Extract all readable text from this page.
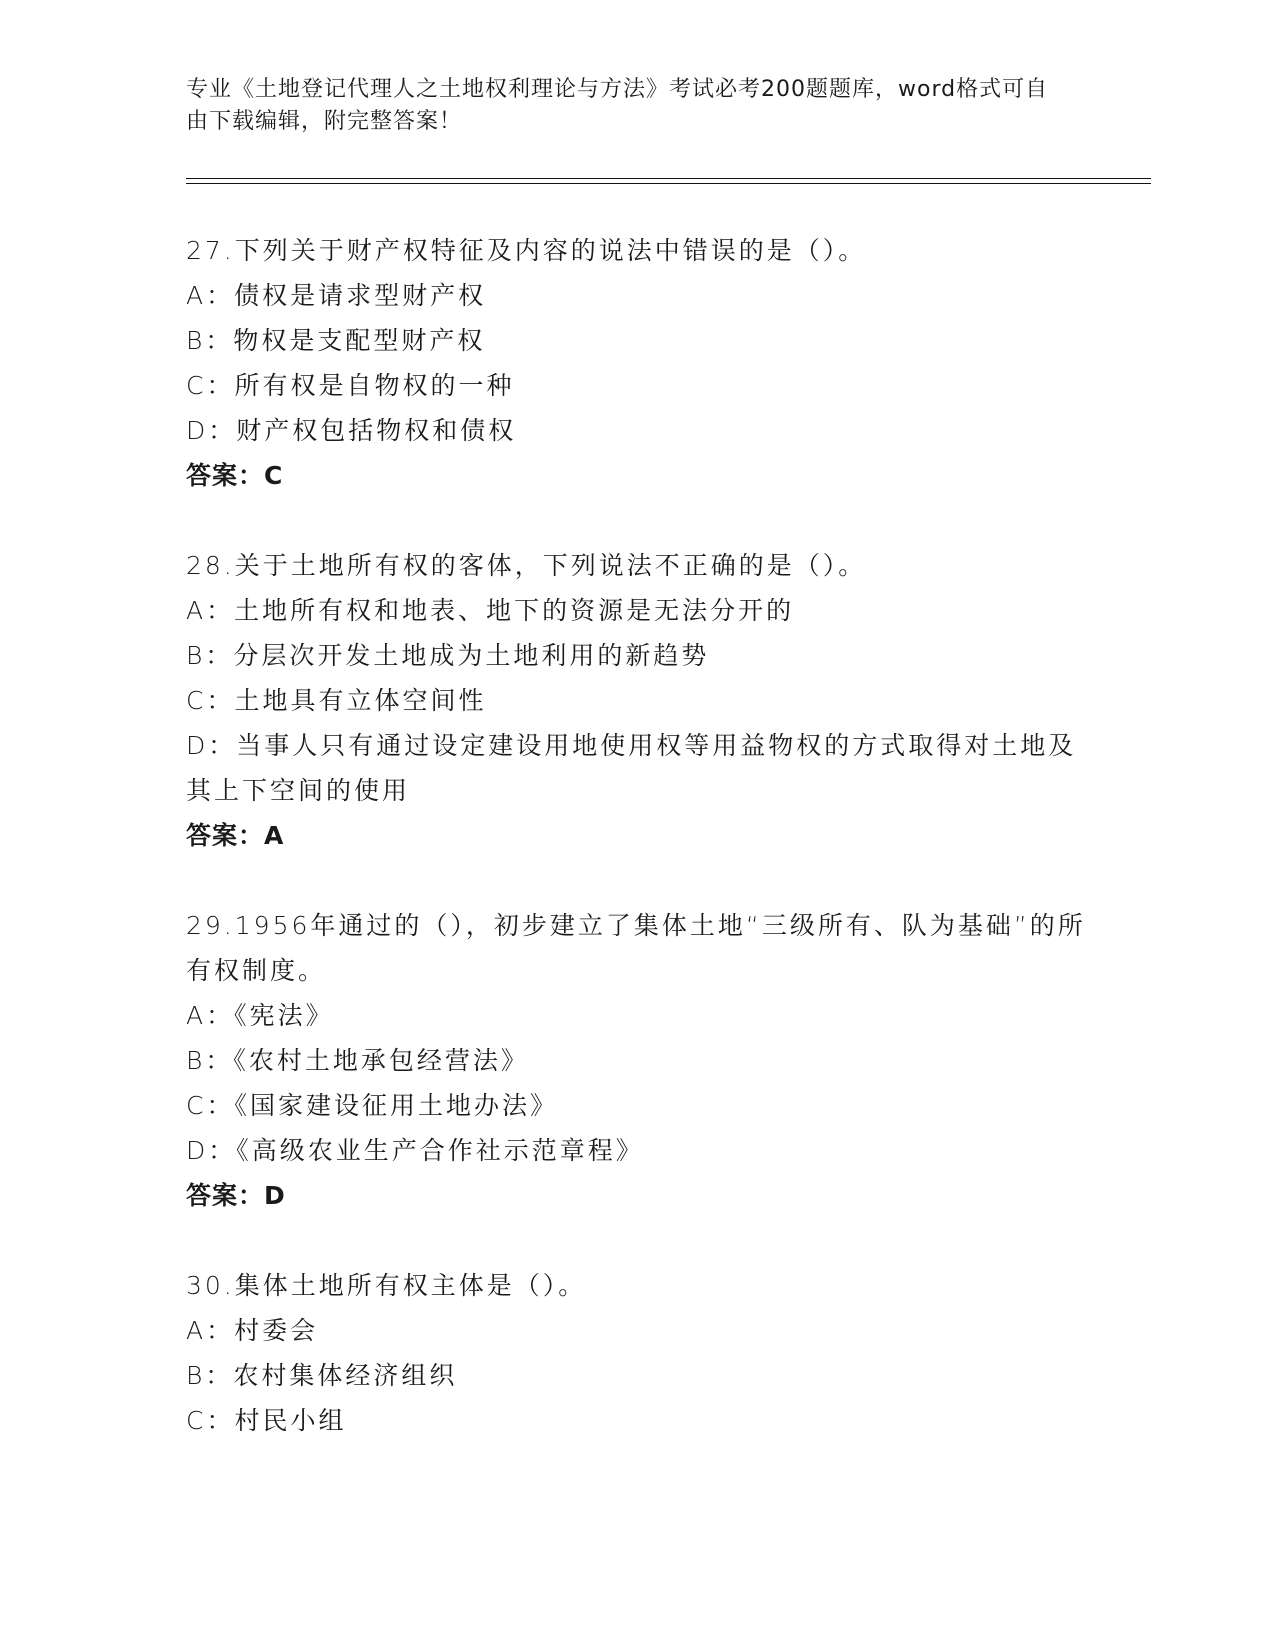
专业《土地登记代理人之土地权利理论与方法》考试必考200题题库，word格式可自由下载编辑，附完整答案！
27.下列关于财产权特征及内容的说法中错误的是（）。
A：债权是请求型财产权
B：物权是支配型财产权
C：所有权是自物权的一种
D：财产权包括物权和债权
答案：C
28.关于土地所有权的客体，下列说法不正确的是（）。
A：土地所有权和地表、地下的资源是无法分开的
B：分层次开发土地成为土地利用的新趋势
C：土地具有立体空间性
D：当事人只有通过设定建设用地使用权等用益物权的方式取得对土地及其上下空间的使用
答案：A
29.1956年通过的（），初步建立了集体土地“三级所有、队为基础”的所有权制度。
A：《宪法》
B：《农村土地承包经营法》
C：《国家建设征用土地办法》
D：《高级农业生产合作社示范章程》
答案：D
30.集体土地所有权主体是（）。
A：村委会
B：农村集体经济组织
C：村民小组
